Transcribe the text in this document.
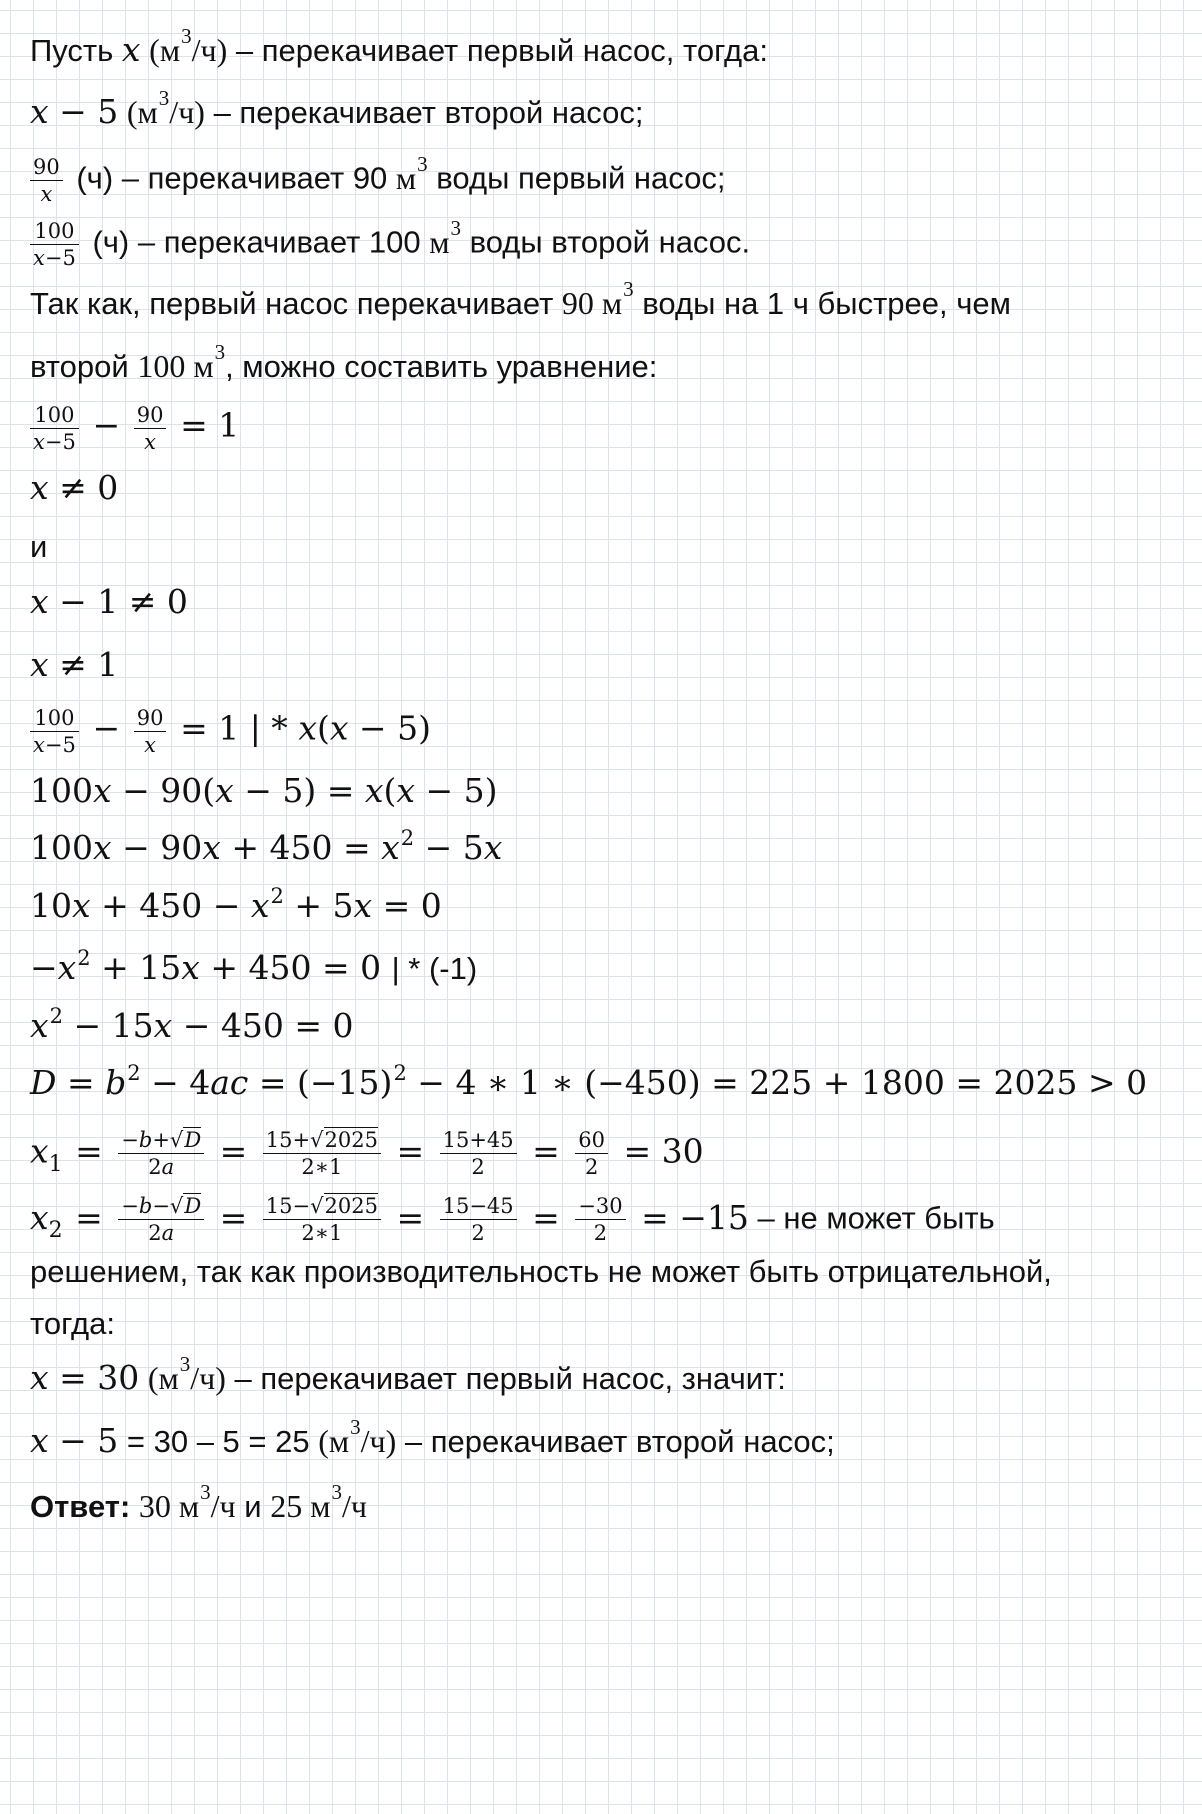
Пусть x $(м^3/ч)$ – перекачивает первый насос, тогда:
x − 5 $(м^3/ч)$ – перекачивает второй насос;
$\frac{90}{x} (ч)$ – перекачивает 90 $м^3$ воды первый насос;
$\frac{100}{x-5} (ч)$ – перекачивает 100 $м^3$ воды второй насос.
Так как, первый насос перекачивает 90 $м^3$ воды на 1 ч быстрее, чем
второй 100 $м^3$, можно составить уравнение:
$\frac{100}{x-5} - \frac{90}{x} = 1$
x ≠ 0
и
x − 1 ≠ 0
x ≠ 1
$\frac{100}{x-5} - \frac{90}{x} = 1$ | * x(x − 5)
100x − 90(x − 5) = x(x − 5)
$100x - 90x + 450 = x^2 - 5x$
$10x + 450 - x^2 + 5x = 0$
$-x^2 + 15x + 450 = 0$ | * (-1)
$x^2 - 15x - 450 = 0$
$D = b^2 - 4ac = (-15)^2 - 4$ ∗ 1 ∗ (−450) = 225 + 1800 = 2025 > 0
$x_1 = \frac{-b+√D}{2a} = \frac{15+√2025}{2∗1} = \frac{15+45}{2} = \frac{60}{2} = 30$
$x_2 = \frac{-b-√D}{2a} = \frac{15-√2025}{2∗1} = \frac{15-45}{2} = \frac{-30}{2} = -15$ – не может быть
решением, так как производительность не может быть отрицательной,
тогда:
x = 30 $(м^3/ч)$ – перекачивает первый насос, значит:
x − 5 = 30 – 5 = 25 $(м^3/ч)$ – перекачивает второй насос;
Ответ: 30 $м^3/ч$ и 25 $м^3/ч$
